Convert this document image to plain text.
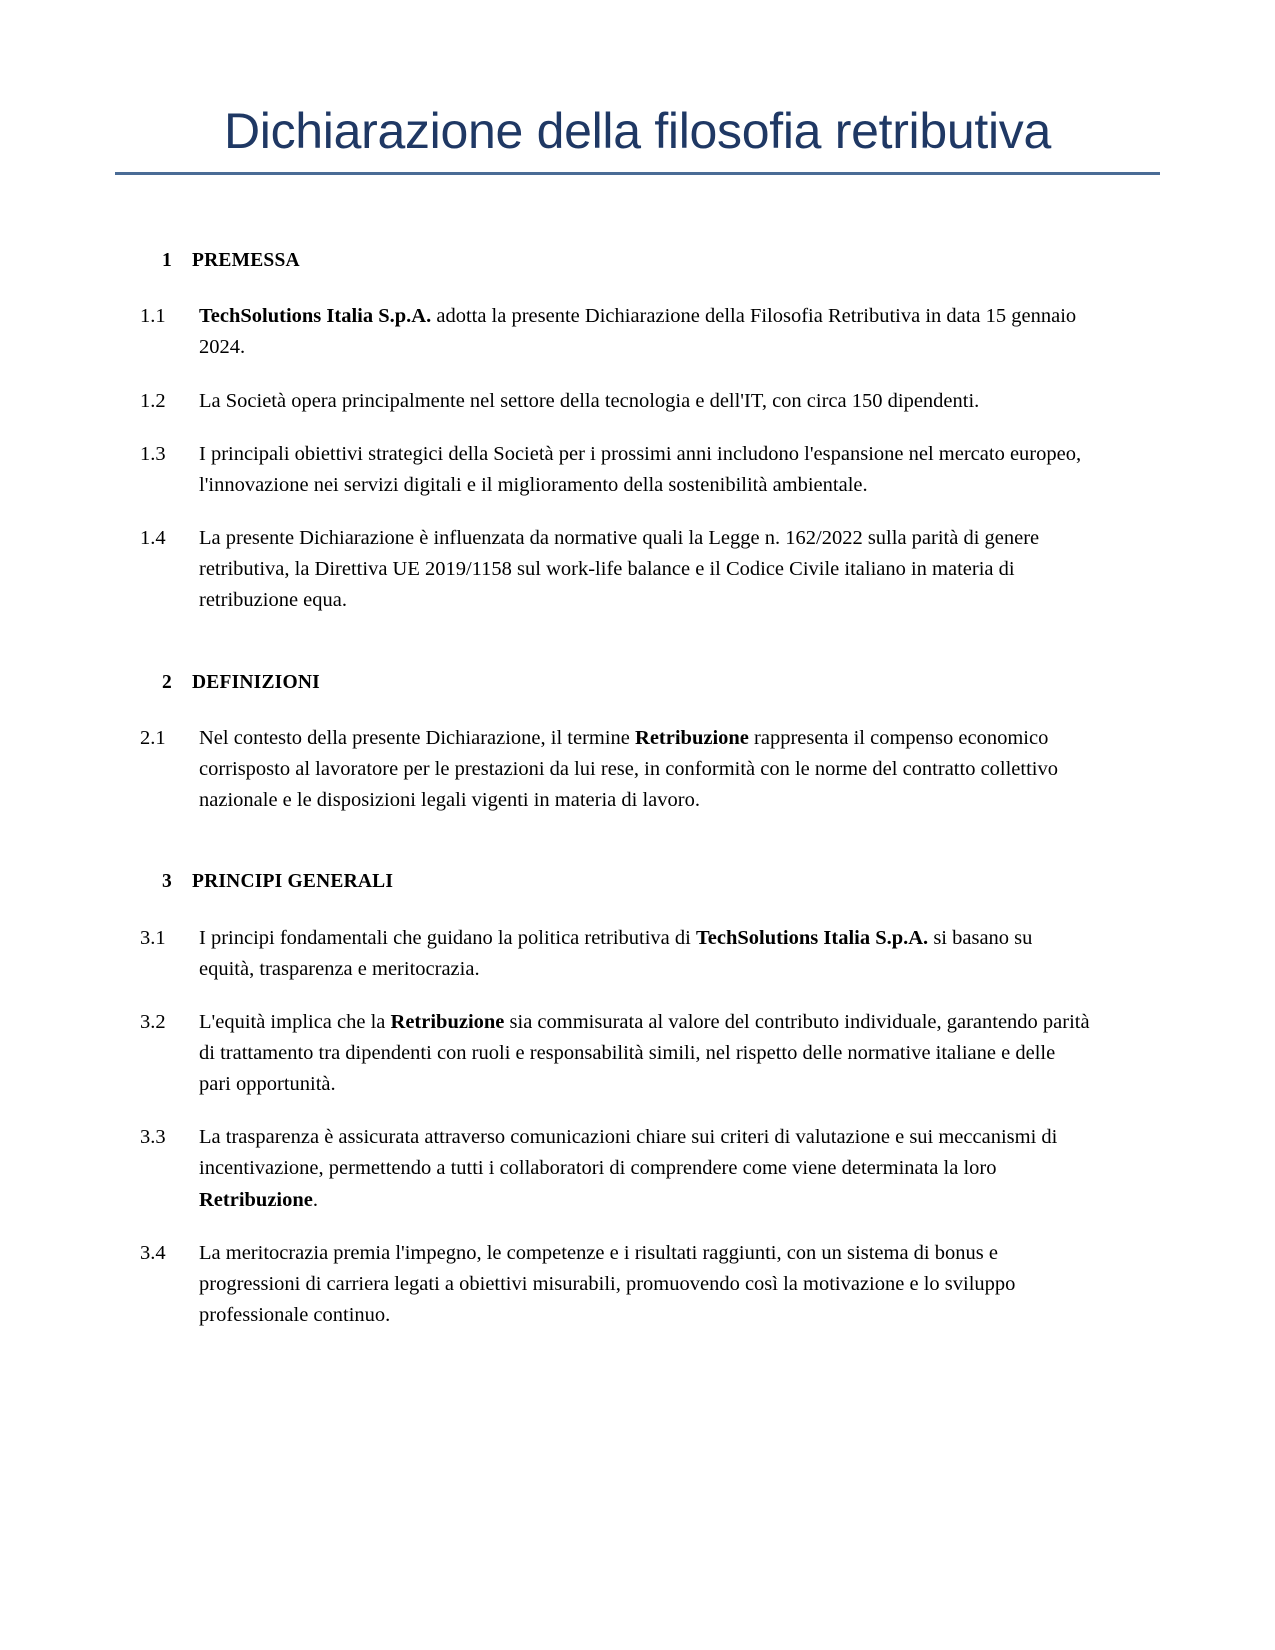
Dichiarazione della filosofia retributiva
1	PREMESSA
1.1	TechSolutions Italia S.p.A. adotta la presente Dichiarazione della Filosofia Retributiva in data 15 gennaio 2024.
1.2	La Società opera principalmente nel settore della tecnologia e dell'IT, con circa 150 dipendenti.
1.3	I principali obiettivi strategici della Società per i prossimi anni includono l'espansione nel mercato europeo, l'innovazione nei servizi digitali e il miglioramento della sostenibilità ambientale.
1.4	La presente Dichiarazione è influenzata da normative quali la Legge n. 162/2022 sulla parità di genere retributiva, la Direttiva UE 2019/1158 sul work-life balance e il Codice Civile italiano in materia di retribuzione equa.
2	DEFINIZIONI
2.1	Nel contesto della presente Dichiarazione, il termine Retribuzione rappresenta il compenso economico corrisposto al lavoratore per le prestazioni da lui rese, in conformità con le norme del contratto collettivo nazionale e le disposizioni legali vigenti in materia di lavoro.
3	PRINCIPI GENERALI
3.1	I principi fondamentali che guidano la politica retributiva di TechSolutions Italia S.p.A. si basano su equità, trasparenza e meritocrazia.
3.2	L'equità implica che la Retribuzione sia commisurata al valore del contributo individuale, garantendo parità di trattamento tra dipendenti con ruoli e responsabilità simili, nel rispetto delle normative italiane e delle pari opportunità.
3.3	La trasparenza è assicurata attraverso comunicazioni chiare sui criteri di valutazione e sui meccanismi di incentivazione, permettendo a tutti i collaboratori di comprendere come viene determinata la loro Retribuzione.
3.4	La meritocrazia premia l'impegno, le competenze e i risultati raggiunti, con un sistema di bonus e progressioni di carriera legati a obiettivi misurabili, promuovendo così la motivazione e lo sviluppo professionale continuo.
